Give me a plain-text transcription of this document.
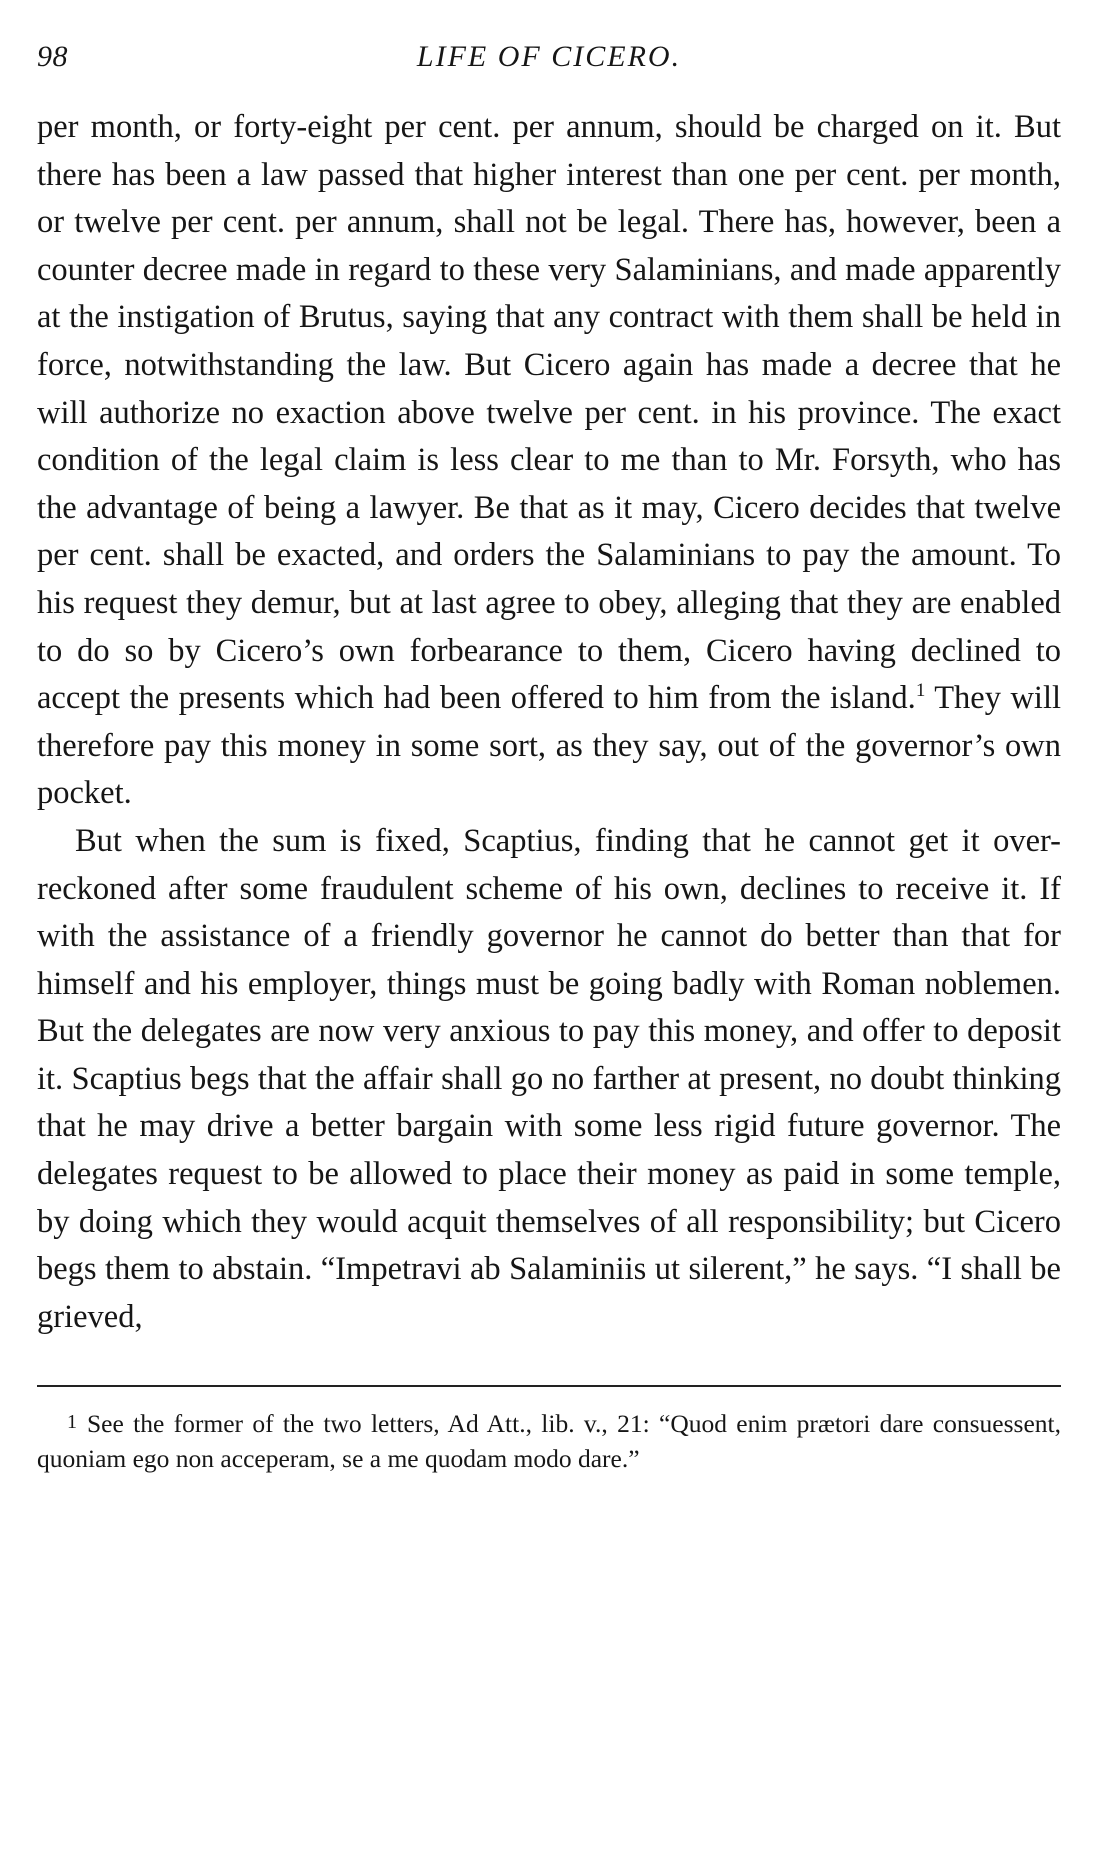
98	LIFE OF CICERO.

per month, or forty-eight per cent. per annum, should be charged on it. But there has been a law passed that higher interest than one per cent. per month, or twelve per cent. per annum, shall not be legal. There has, however, been a counter decree made in regard to these very Salaminians, and made apparently at the instigation of Brutus, saying that any contract with them shall be held in force, notwithstanding the law. But Cicero again has made a decree that he will authorize no exaction above twelve per cent. in his province. The exact condition of the legal claim is less clear to me than to Mr. Forsyth, who has the advantage of being a lawyer. Be that as it may, Cicero decides that twelve per cent. shall be exacted, and orders the Salaminians to pay the amount. To his request they demur, but at last agree to obey, alleging that they are enabled to do so by Cicero’s own forbearance to them, Cicero having declined to accept the presents which had been offered to him from the island.$^1$ They will therefore pay this money in some sort, as they say, out of the governor’s own pocket.

But when the sum is fixed, Scaptius, finding that he cannot get it over-reckoned after some fraudulent scheme of his own, declines to receive it. If with the assistance of a friendly governor he cannot do better than that for himself and his employer, things must be going badly with Roman noblemen. But the delegates are now very anxious to pay this money, and offer to deposit it. Scaptius begs that the affair shall go no farther at present, no doubt thinking that he may drive a better bargain with some less rigid future governor. The delegates request to be allowed to place their money as paid in some temple, by doing which they would acquit themselves of all responsibility; but Cicero begs them to abstain. “Impetravi ab Salaminiis ut silerent,” he says. “I shall be grieved,

1 See the former of the two letters, Ad Att., lib. v., 21: “Quod enim prætori dare consuessent, quoniam ego non acceperam, se a me quodam modo dare.”
